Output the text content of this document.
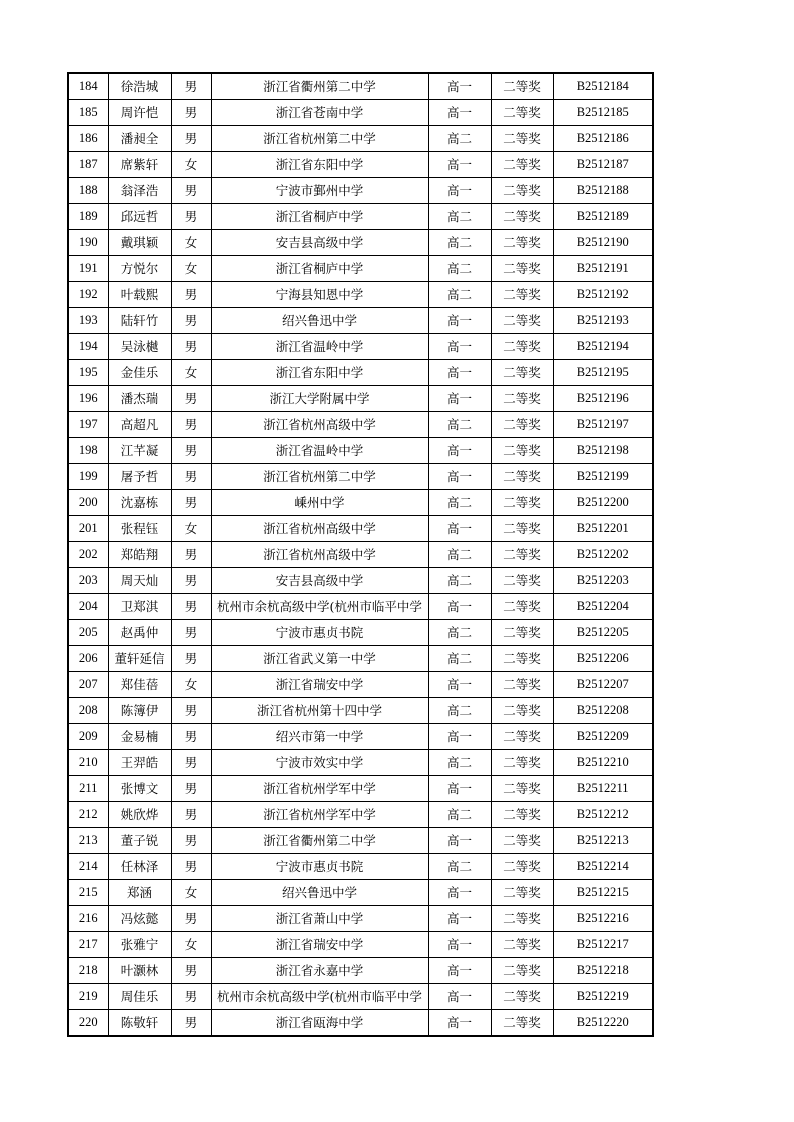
184	徐浩城	男	浙江省衢州第二中学	高一	二等奖	B2512184
185	周许恺	男	浙江省苍南中学	高一	二等奖	B2512185
186	潘昶全	男	浙江省杭州第二中学	高二	二等奖	B2512186
187	席紫轩	女	浙江省东阳中学	高一	二等奖	B2512187
188	翁泽浩	男	宁波市鄞州中学	高一	二等奖	B2512188
189	邱远哲	男	浙江省桐庐中学	高二	二等奖	B2512189
190	戴琪颖	女	安吉县高级中学	高二	二等奖	B2512190
191	方悦尔	女	浙江省桐庐中学	高二	二等奖	B2512191
192	叶载熙	男	宁海县知恩中学	高二	二等奖	B2512192
193	陆轩竹	男	绍兴鲁迅中学	高一	二等奖	B2512193
194	吴泳樾	男	浙江省温岭中学	高一	二等奖	B2512194
195	金佳乐	女	浙江省东阳中学	高一	二等奖	B2512195
196	潘杰瑞	男	浙江大学附属中学	高一	二等奖	B2512196
197	高超凡	男	浙江省杭州高级中学	高二	二等奖	B2512197
198	江芊凝	男	浙江省温岭中学	高一	二等奖	B2512198
199	屠予哲	男	浙江省杭州第二中学	高一	二等奖	B2512199
200	沈嘉栋	男	嵊州中学	高二	二等奖	B2512200
201	张程钰	女	浙江省杭州高级中学	高一	二等奖	B2512201
202	郑皓翔	男	浙江省杭州高级中学	高二	二等奖	B2512202
203	周天灿	男	安吉县高级中学	高二	二等奖	B2512203
204	卫郑淇	男	杭州市余杭高级中学(杭州市临平中学	高一	二等奖	B2512204
205	赵禹仲	男	宁波市惠贞书院	高二	二等奖	B2512205
206	董轩延信	男	浙江省武义第一中学	高二	二等奖	B2512206
207	郑佳蓓	女	浙江省瑞安中学	高一	二等奖	B2512207
208	陈簿伊	男	浙江省杭州第十四中学	高二	二等奖	B2512208
209	金易楠	男	绍兴市第一中学	高一	二等奖	B2512209
210	王羿皓	男	宁波市效实中学	高二	二等奖	B2512210
211	张博文	男	浙江省杭州学军中学	高一	二等奖	B2512211
212	姚欣烨	男	浙江省杭州学军中学	高二	二等奖	B2512212
213	董子锐	男	浙江省衢州第二中学	高一	二等奖	B2512213
214	任林泽	男	宁波市惠贞书院	高二	二等奖	B2512214
215	郑涵	女	绍兴鲁迅中学	高一	二等奖	B2512215
216	冯炫懿	男	浙江省萧山中学	高一	二等奖	B2512216
217	张雅宁	女	浙江省瑞安中学	高一	二等奖	B2512217
218	叶灏林	男	浙江省永嘉中学	高一	二等奖	B2512218
219	周佳乐	男	杭州市余杭高级中学(杭州市临平中学	高一	二等奖	B2512219
220	陈敬轩	男	浙江省瓯海中学	高一	二等奖	B2512220
